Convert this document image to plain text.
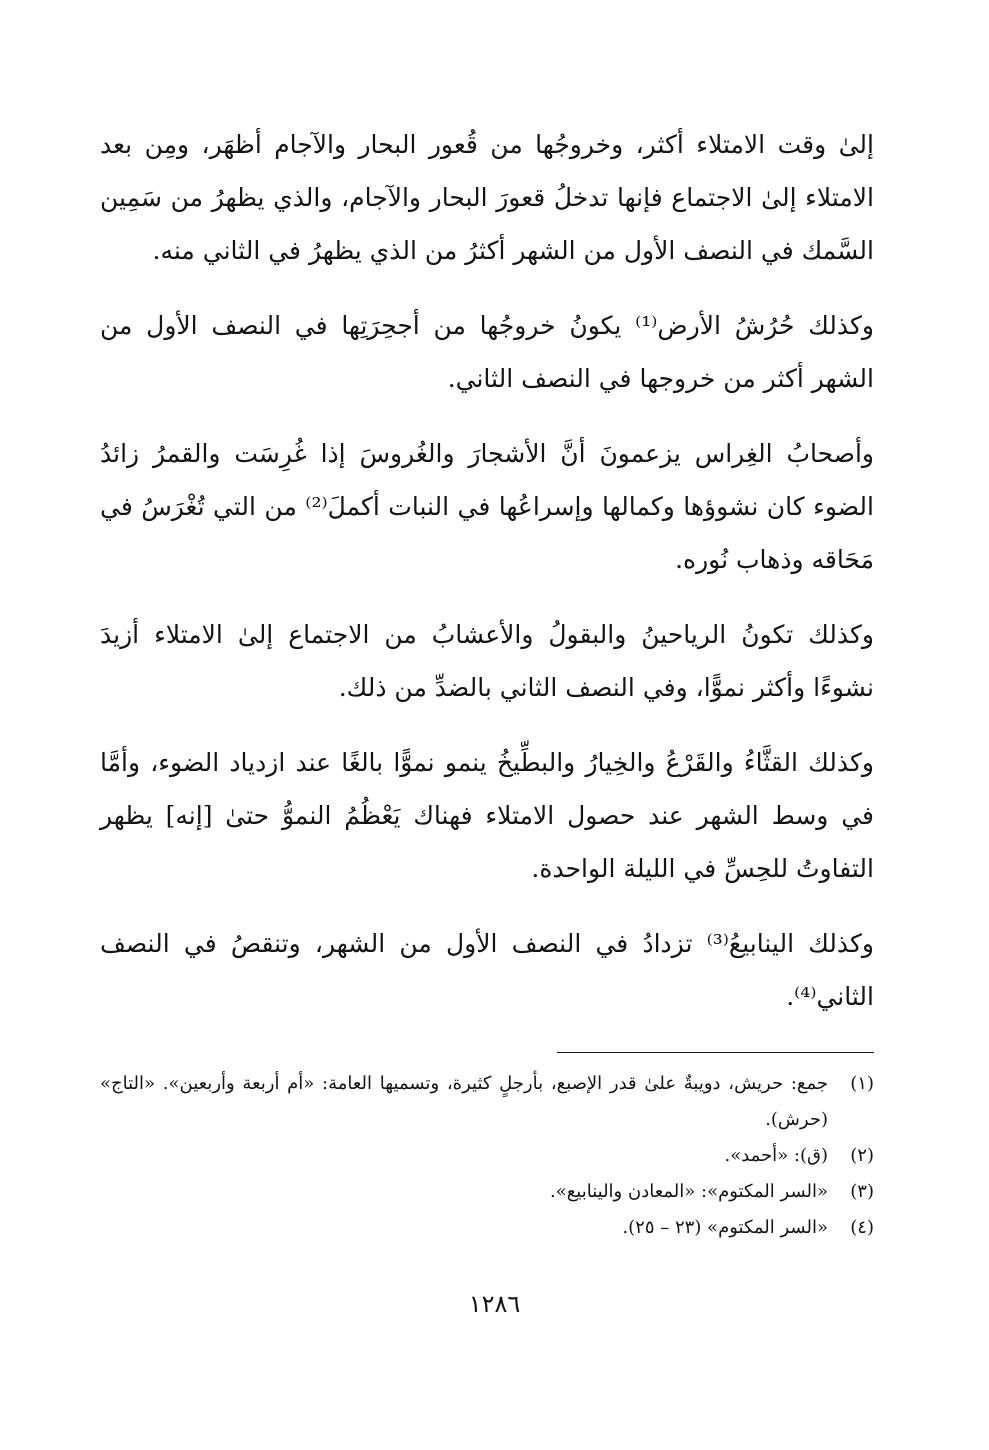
إلىٰ وقت الامتلاء أكثر، وخروجُها من قُعور البحار والآجام أظهَر، ومِن بعد الامتلاء إلىٰ الاجتماع فإنها تدخلُ قعورَ البحار والآجام، والذي يظهرُ من سَمِين السَّمك في النصف الأول من الشهر أكثرُ من الذي يظهرُ في الثاني منه.

وكذلك حُرُشُ الأرض⁽¹⁾ يكونُ خروجُها من أجحِرَتِها في النصف الأول من الشهر أكثر من خروجها في النصف الثاني.

وأصحابُ الغِراس يزعمونَ أنَّ الأشجارَ والغُروسَ إذا غُرِسَت والقمرُ زائدُ الضوء كان نشوؤها وكمالها وإسراعُها في النبات أكملَ⁽²⁾ من التي تُغْرَسُ في مَحَاقه وذهاب نُوره.

وكذلك تكونُ الرياحينُ والبقولُ والأعشابُ من الاجتماع إلىٰ الامتلاء أزيدَ نشوءًا وأكثر نموًّا، وفي النصف الثاني بالضدِّ من ذلك.

وكذلك القثَّاءُ والقَرْعُ والخِيارُ والبطِّيخُ ينمو نموًّا بالغًا عند ازدياد الضوء، وأمَّا في وسط الشهر عند حصول الامتلاء فهناك يَعْظُمُ النموُّ حتىٰ [إنه] يظهر التفاوتُ للحِسِّ في الليلة الواحدة.

وكذلك الينابيعُ⁽³⁾ تزدادُ في النصف الأول من الشهر، وتنقصُ في النصف الثاني⁽⁴⁾.

(١)
جمع: حريش، دويبةٌ علىٰ قدر الإصبع، بأرجلٍ كثيرة، وتسميها العامة: «أم أربعة وأربعين». «التاج» (حرش).
(٢)
(ق): «أحمد».
(٣)
«السر المكتوم»: «المعادن والينابيع».
(٤)
«السر المكتوم» (٢٣ – ٢٥).
١٢٨٦
